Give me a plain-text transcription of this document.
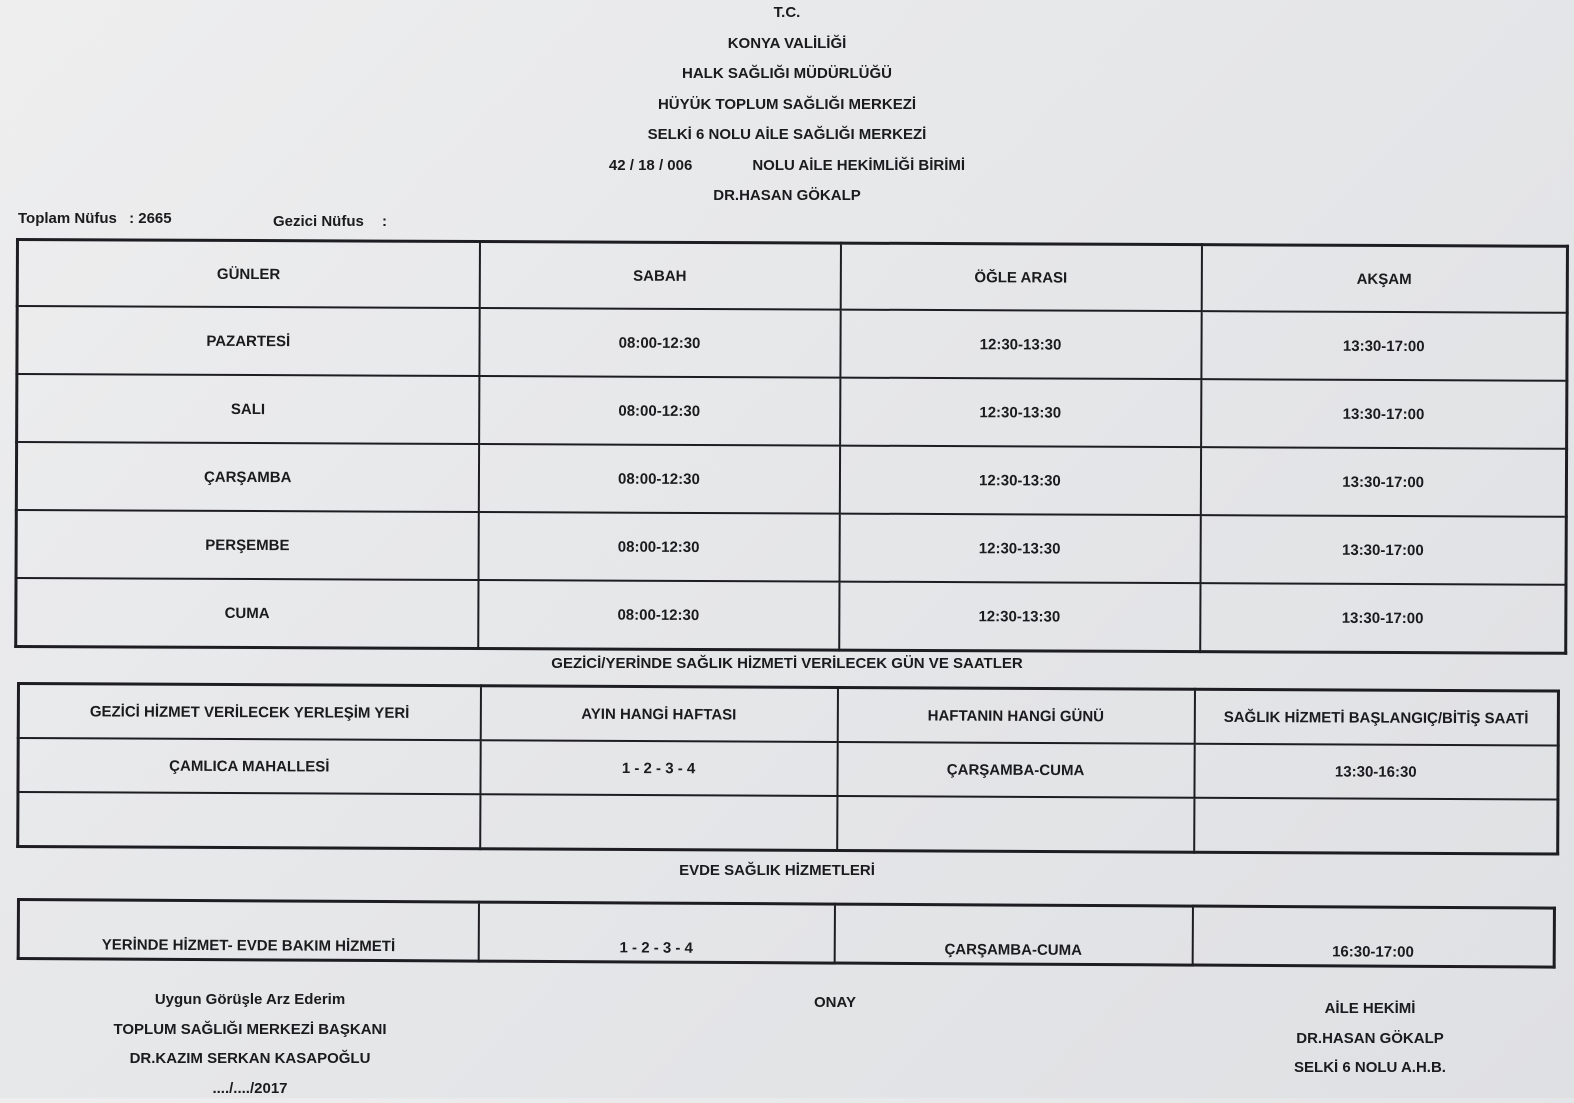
T.C.
KONYA VALİLİĞİ
HALK SAĞLIĞI MÜDÜRLÜĞÜ
HÜYÜK TOPLUM SAĞLIĞI MERKEZİ
SELKİ 6 NOLU AİLE SAĞLIĞI MERKEZİ
42 / 18 / 006	NOLU AİLE HEKİMLİĞİ BİRİMİ
DR.HASAN GÖKALP
Toplam Nüfus : 2665	Gezici Nüfus :
GÜNLER	SABAH	ÖĞLE ARASI	AKŞAM
PAZARTESİ	08:00-12:30	12:30-13:30	13:30-17:00
SALI	08:00-12:30	12:30-13:30	13:30-17:00
ÇARŞAMBA	08:00-12:30	12:30-13:30	13:30-17:00
PERŞEMBE	08:00-12:30	12:30-13:30	13:30-17:00
CUMA	08:00-12:30	12:30-13:30	13:30-17:00
GEZİCİ/YERİNDE SAĞLIK HİZMETİ VERİLECEK GÜN VE SAATLER
GEZİCİ HİZMET VERİLECEK YERLEŞİM YERİ	AYIN HANGİ HAFTASI	HAFTANIN HANGİ GÜNÜ	SAĞLIK HİZMETİ BAŞLANGIÇ/BİTİŞ SAATİ
ÇAMLICA MAHALLESİ	1 - 2 - 3 - 4	ÇARŞAMBA-CUMA	13:30-16:30

EVDE SAĞLIK HİZMETLERİ
YERİNDE HİZMET- EVDE BAKIM HİZMETİ	1 - 2 - 3 - 4	ÇARŞAMBA-CUMA	16:30-17:00
Uygun Görüşle Arz Ederim
TOPLUM SAĞLIĞI MERKEZİ BAŞKANI
DR.KAZIM SERKAN KASAPOĞLU
..../..../2017
ONAY	AİLE HEKİMİ
DR.HASAN GÖKALP
SELKİ 6 NOLU A.H.B.
